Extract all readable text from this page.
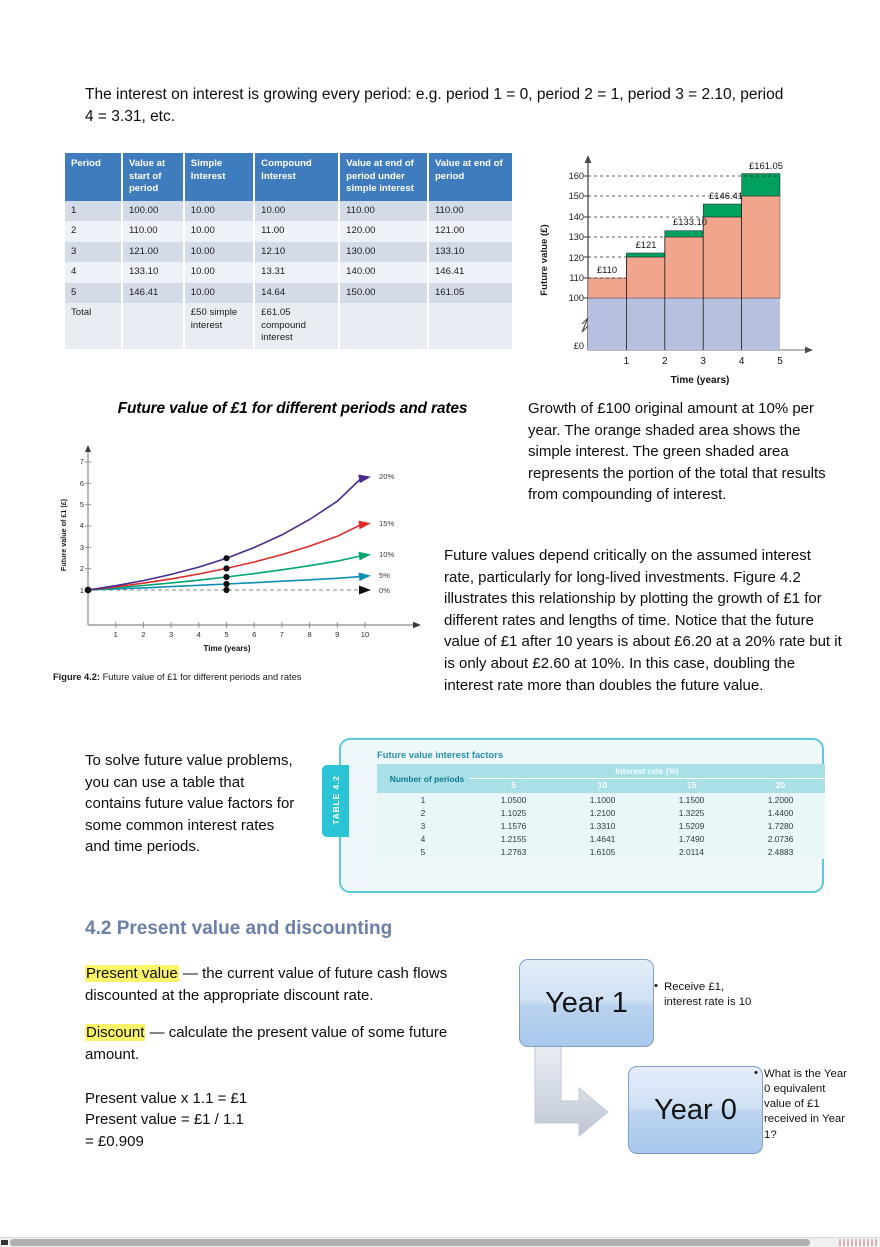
The interest on interest is growing every period: e.g. period 1 = 0, period 2 = 1, period 3 = 2.10, period 4 = 3.31, etc.
Period	Value at start of period	Simple Interest	Compound Interest	Value at end of period under simple interest	Value at end of period
1	100.00	10.00	10.00	110.00	110.00
2	110.00	10.00	11.00	120.00	121.00
3	121.00	10.00	12.10	130.00	133.10
4	133.10	10.00	13.31	140.00	146.41
5	146.41	10.00	14.64	150.00	161.05
Total		£50 simple interest	£61.05 compound interest		
Future value (£)
160
150
140
130
120
110
100
£0
£110
£121
£133.10
£146.41
£161.05
1	2	3	4	5
Time (years)
Future value of £1 for different periods and rates
Future value of £1 (£)
1
2
3
4
5
6
7
1	2	3	4	5	6	7	8	9	10
Time (years)
20%
15%
10%
5%
0%
Figure 4.2: Future value of £1 for different periods and rates
Growth of £100 original amount at 10% per year. The orange shaded area shows the simple interest. The green shaded area represents the portion of the total that results from compounding of interest.
Future values depend critically on the assumed interest rate, particularly for long-lived investments. Figure 4.2 illustrates this relationship by plotting the growth of £1 for different rates and lengths of time. Notice that the future value of £1 after 10 years is about £6.20 at a 20% rate but it is only about £2.60 at 10%. In this case, doubling the interest rate more than doubles the future value.
To solve future value problems, you can use a table that contains future value factors for some common interest rates and time periods.
Future value interest factors
Number of periods	Interest rate (%)			
	5	10	15	20
1	1.0500	1.1000	1.1500	1.2000
2	1.1025	1.2100	1.3225	1.4400
3	1.1576	1.3310	1.5209	1.7280
4	1.2155	1.4641	1.7490	2.0736
5	1.2763	1.6105	2.0114	2.4883
TABLE 4.2
4.2 Present value and discounting
Present value — the current value of future cash flows discounted at the appropriate discount rate.
Discount — calculate the present value of some future amount.
Present value x 1.1 = £1
Present value = £1 / 1.1
= £0.909
Year 1
Year 0
• Receive £1, interest rate is 10
• What is the Year 0 equivalent value of £1 received in Year 1?
